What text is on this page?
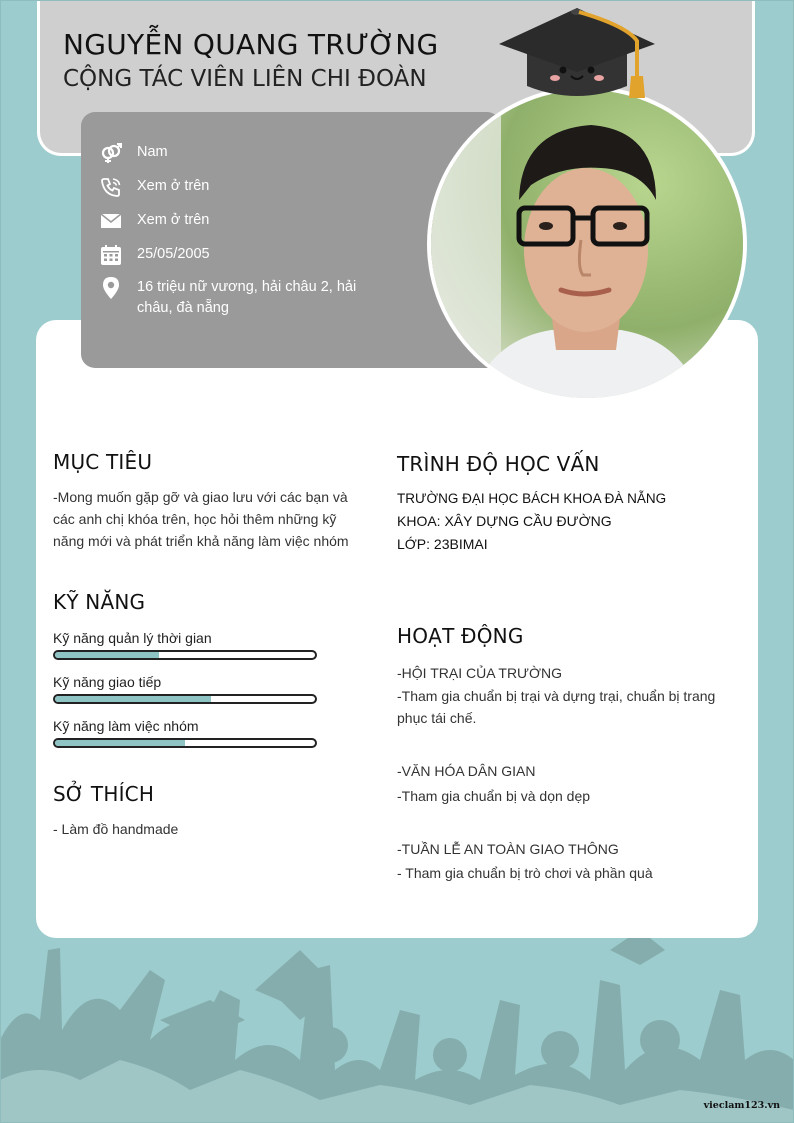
NGUYỄN QUANG TRƯỜNG
CỘNG TÁC VIÊN LIÊN CHI ĐOÀN
Nam
Xem ở trên
Xem ở trên
25/05/2005
16 triệu nữ vương, hải châu 2, hải châu, đà nẵng
MỤC TIÊU
-Mong muốn gặp gỡ và giao lưu với các bạn và các anh chị khóa trên, học hỏi thêm những kỹ năng mới và phát triển khả năng làm việc nhóm
KỸ NĂNG
Kỹ năng quản lý thời gian
Kỹ năng giao tiếp
Kỹ năng làm việc nhóm
SỞ THÍCH
- Làm đồ handmade
TRÌNH ĐỘ HỌC VẤN
TRƯỜNG ĐẠI HỌC BÁCH KHOA ĐÀ NẴNG
KHOA: XÂY DỰNG CẦU ĐƯỜNG
LỚP: 23BIMAI
HOẠT ĐỘNG
-HỘI TRẠI CỦA TRƯỜNG
-Tham gia chuẩn bị trại và dựng trại, chuẩn bị trang phục tái chế.
-VĂN HÓA DÂN GIAN
-Tham gia chuẩn bị và dọn dẹp
-TUẦN LỄ AN TOÀN GIAO THÔNG
- Tham gia chuẩn bị trò chơi và phần quà
vieclam123.vn
